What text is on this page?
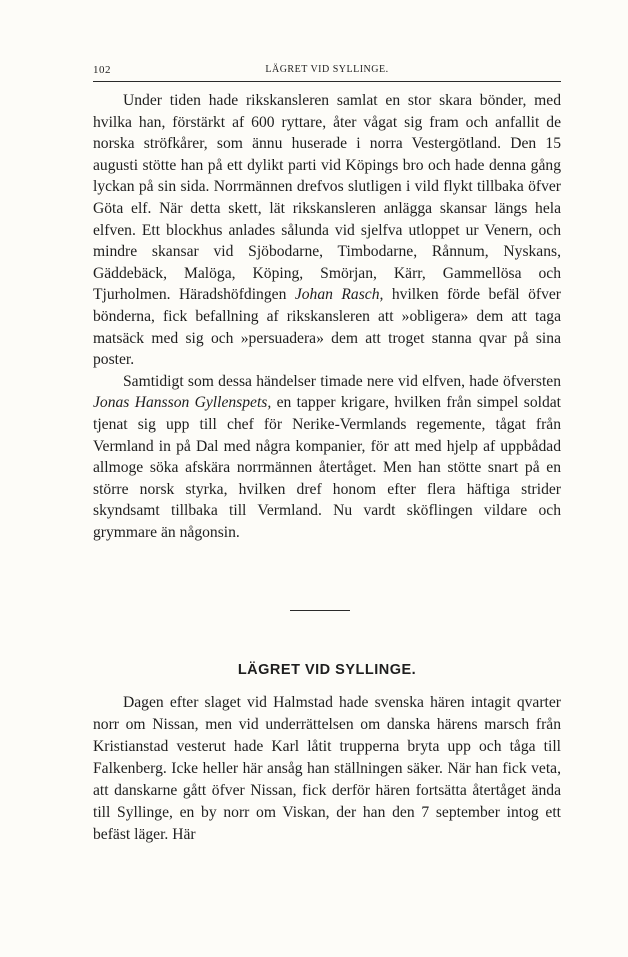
102	LÄGRET VID SYLLINGE.

Under tiden hade rikskansleren samlat en stor skara bönder, med hvilka han, förstärkt af 600 ryttare, åter vågat sig fram och anfallit de norska ströfkårer, som ännu huserade i norra Vestergötland. Den 15 augusti stötte han på ett dylikt parti vid Köpings bro och hade denna gång lyckan på sin sida. Norrmännen drefvos slutligen i vild flykt tillbaka öfver Göta elf. När detta skett, lät rikskansleren anlägga skansar längs hela elfven. Ett blockhus anlades sålunda vid sjelfva utloppet ur Venern, och mindre skansar vid Sjöbodarne, Timbodarne, Rånnum, Nyskans, Gäddebäck, Malöga, Köping, Smörjan, Kärr, Gammellösa och Tjurholmen. Häradshöfdingen Johan Rasch, hvilken förde befäl öfver bönderna, fick befallning af rikskansleren att »obligera» dem att taga matsäck med sig och »persuadera» dem att troget stanna qvar på sina poster.

Samtidigt som dessa händelser timade nere vid elfven, hade öfversten Jonas Hansson Gyllenspets, en tapper krigare, hvilken från simpel soldat tjenat sig upp till chef för Nerike-Vermlands regemente, tågat från Vermland in på Dal med några kompanier, för att med hjelp af uppbådad allmoge söka afskära norrmännen återtåget. Men han stötte snart på en större norsk styrka, hvilken dref honom efter flera häftiga strider skyndsamt tillbaka till Vermland. Nu vardt sköflingen vildare och grymmare än någonsin.

LÄGRET VID SYLLINGE.

Dagen efter slaget vid Halmstad hade svenska hären intagit qvarter norr om Nissan, men vid underrättelsen om danska härens marsch från Kristianstad vesterut hade Karl låtit trupperna bryta upp och tåga till Falkenberg. Icke heller här ansåg han ställningen säker. När han fick veta, att danskarne gått öfver Nissan, fick derför hären fortsätta återtåget ända till Syllinge, en by norr om Viskan, der han den 7 september intog ett befäst läger. Här
